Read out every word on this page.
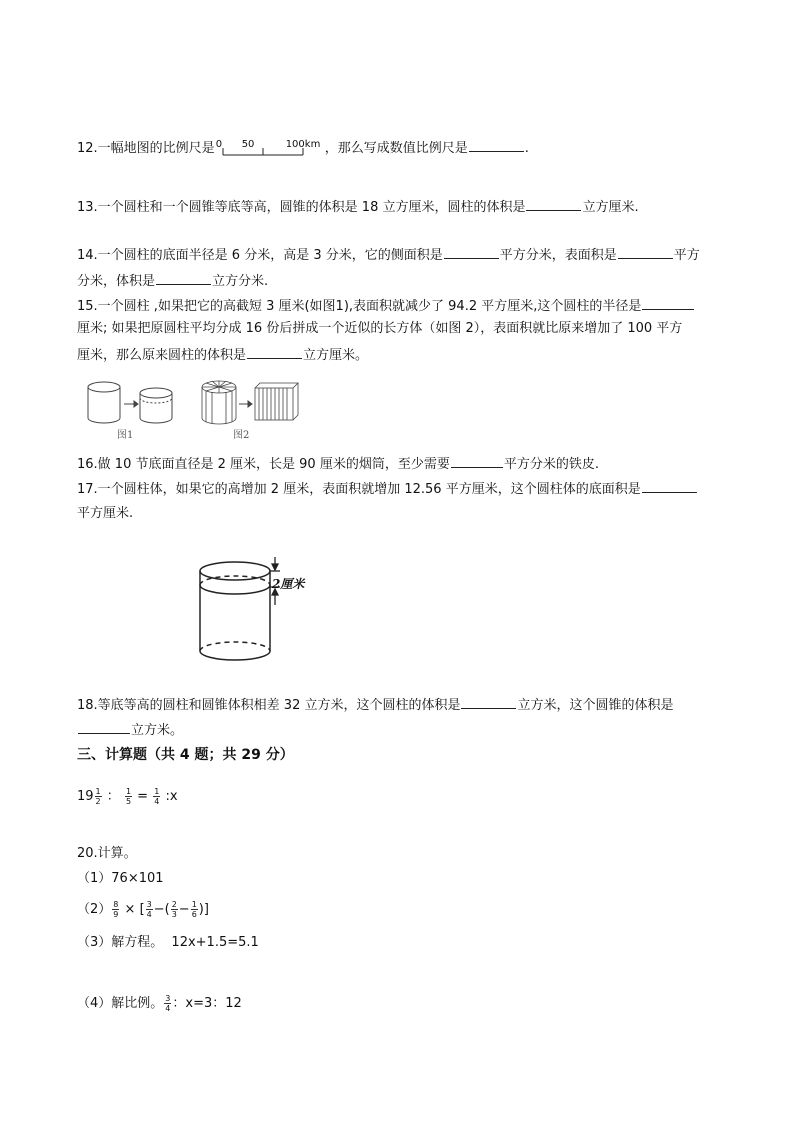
12.一幅地图的比例尺是 0 50	100km ，那么写成数值比例尺是	.
13.一个圆柱和一个圆锥等底等高，圆锥的体积是 18 立方厘米，圆柱的体积是	立方厘米.
14.一个圆柱的底面半径是 6 分米，高是 3 分米，它的侧面积是	平方分米，表面积是	平方
分米，体积是	立方分米.
15.一个圆柱 ,如果把它的高截短 3 厘米(如图1),表面积就减少了 94.2 平方厘米,这个圆柱的半径是
厘米; 如果把原圆柱平均分成 16 份后拼成一个近似的长方体（如图 2），表面积就比原来增加了 100 平方
厘米，那么原来圆柱的体积是	立方厘米。
图1	图2
16.做 10 节底面直径是 2 厘米，长是 90 厘米的烟筒，至少需要	平方分米的铁皮.
17.一个圆柱体，如果它的高增加 2 厘米，表面积就增加 12.56 平方厘米，这个圆柱体的底面积是
平方厘米.
2厘米
18.等底等高的圆柱和圆锥体积相差 32 立方米，这个圆柱的体积是	立方米，这个圆锥的体积是
立方米。
三、计算题（共 4 题；共 29 分）
$19 \frac{1}{2}$ ： $\frac{1}{5} = \frac{1}{4}$ :x
20.计算。
（1）76×101
$(2) \frac{8}{9}$ × [ $\frac{3}{4}$ −( $\frac{2}{3} - \frac{1}{6}$ )]
（3）解方程。 12x+1.5=5.1
（4）解比例。 $\frac{3}{4}$ ：x=3：12
